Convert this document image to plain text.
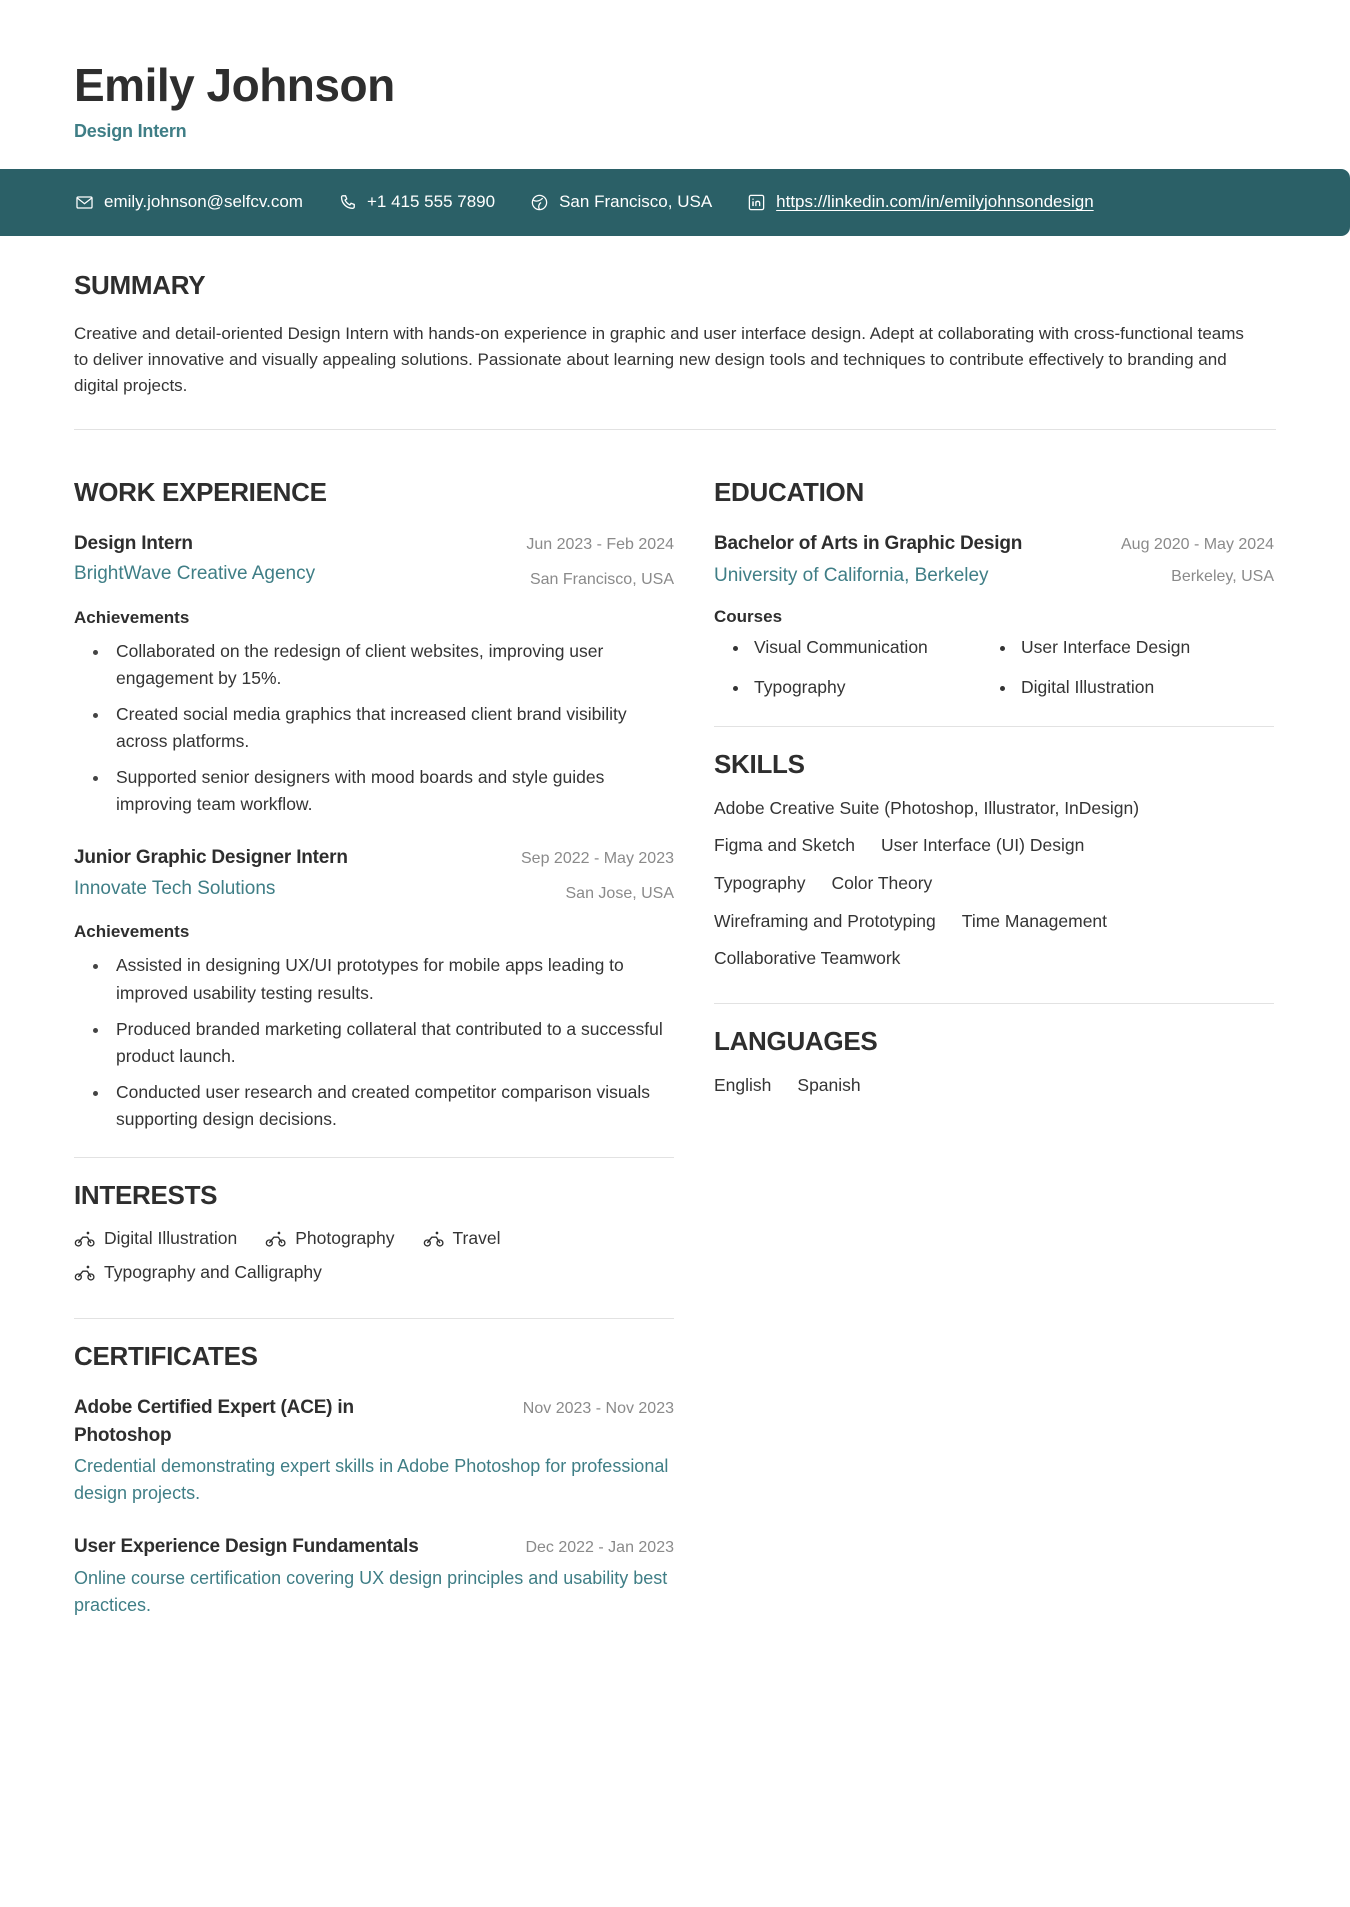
Emily Johnson
Design Intern
emily.johnson@selfcv.com	+1 415 555 7890	San Francisco, USA	https://linkedin.com/in/emilyjohnsondesign
SUMMARY

Creative and detail-oriented Design Intern with hands-on experience in graphic and user interface design. Adept at collaborating with cross-functional teams to deliver innovative and visually appealing solutions. Passionate about learning new design tools and techniques to contribute effectively to branding and digital projects.

WORK EXPERIENCE
Design Intern
BrightWave Creative Agency
Jun 2023 - Feb 2024
San Francisco, USA
Achievements
• Collaborated on the redesign of client websites, improving user engagement by 15%.
• Created social media graphics that increased client brand visibility across platforms.
• Supported senior designers with mood boards and style guides improving team workflow.
Junior Graphic Designer Intern
Innovate Tech Solutions
Sep 2022 - May 2023
San Jose, USA
Achievements
• Assisted in designing UX/UI prototypes for mobile apps leading to improved usability testing results.
• Produced branded marketing collateral that contributed to a successful product launch.
• Conducted user research and created competitor comparison visuals supporting design decisions.
INTERESTS
Digital Illustration	Photography	Travel
Typography and Calligraphy
CERTIFICATES
Adobe Certified Expert (ACE) in Photoshop
Nov 2023 - Nov 2023
Credential demonstrating expert skills in Adobe Photoshop for professional design projects.
User Experience Design Fundamentals	Dec 2022 - Jan 2023
Online course certification covering UX design principles and usability best practices.
EDUCATION
Bachelor of Arts in Graphic Design	Aug 2020 - May 2024
University of California, Berkeley	Berkeley, USA
Courses
• Visual Communication	• User Interface Design
• Typography	• Digital Illustration
SKILLS
Adobe Creative Suite (Photoshop, Illustrator, InDesign)
Figma and Sketch User Interface (UI) Design
Typography Color Theory
Wireframing and Prototyping Time Management
Collaborative Teamwork
LANGUAGES
English Spanish
